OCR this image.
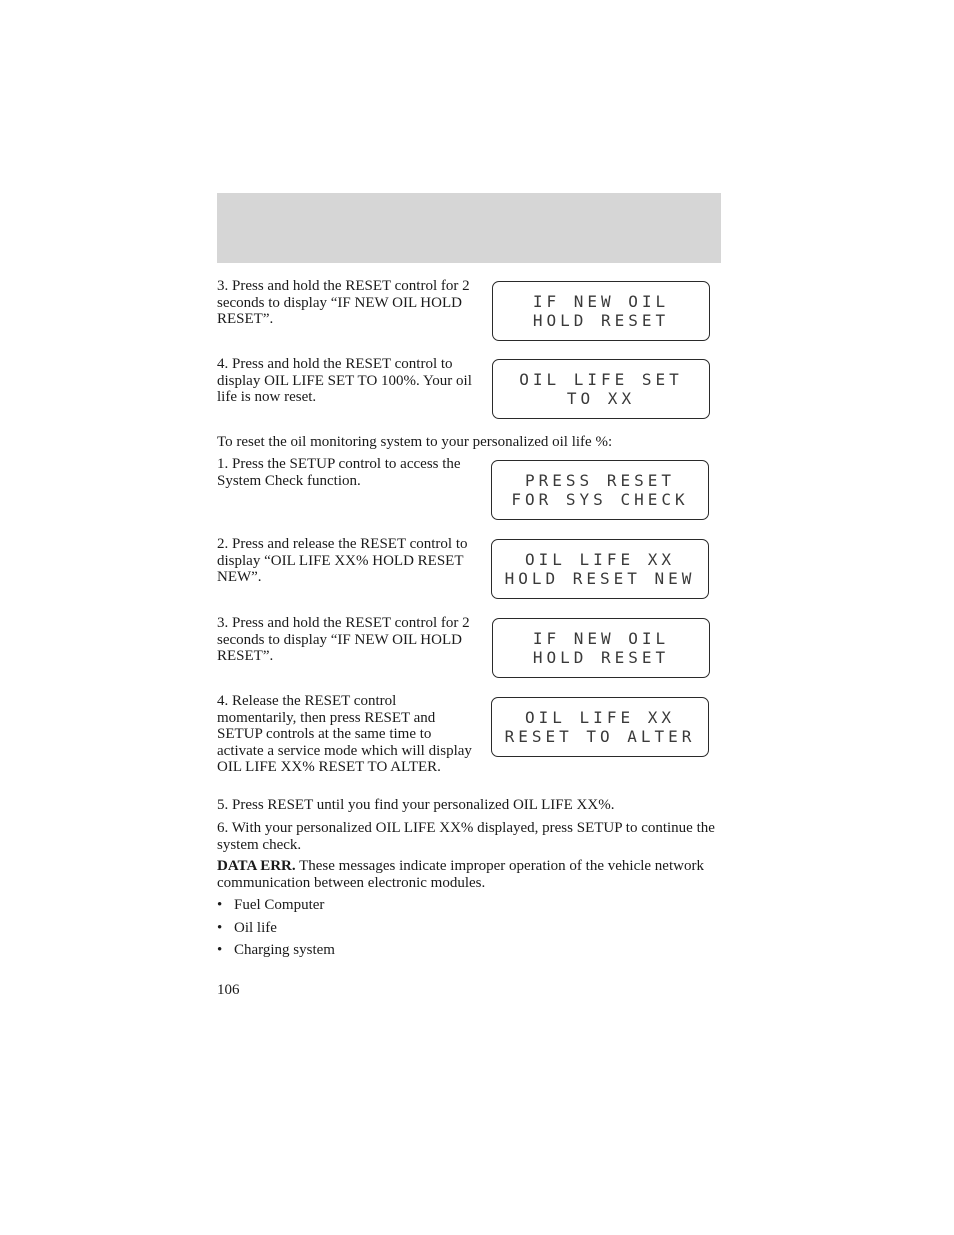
3. Press and hold the RESET control for 2 seconds to display “IF NEW OIL HOLD RESET”.

IF NEW OIL
HOLD RESET

4. Press and hold the RESET control to display OIL LIFE SET TO 100%. Your oil life is now reset.

OIL LIFE SET
TO XX

To reset the oil monitoring system to your personalized oil life %:

1. Press the SETUP control to access the System Check function.	PRESS RESET
FOR SYS CHECK

2. Press and release the RESET control to display “OIL LIFE XX% HOLD RESET NEW”.

OIL LIFE XX
HOLD RESET NEW

3. Press and hold the RESET control for 2 seconds to display “IF NEW OIL HOLD RESET”.

IF NEW OIL
HOLD RESET

4. Release the RESET control momentarily, then press RESET and SETUP controls at the same time to activate a service mode which will display OIL LIFE XX% RESET TO ALTER.

OIL LIFE XX
RESET TO ALTER

5. Press RESET until you find your personalized OIL LIFE XX%.

6. With your personalized OIL LIFE XX% displayed, press SETUP to continue the system check.

DATA ERR. These messages indicate improper operation of the vehicle network communication between electronic modules.

• Fuel Computer
• Oil life
• Charging system
106
